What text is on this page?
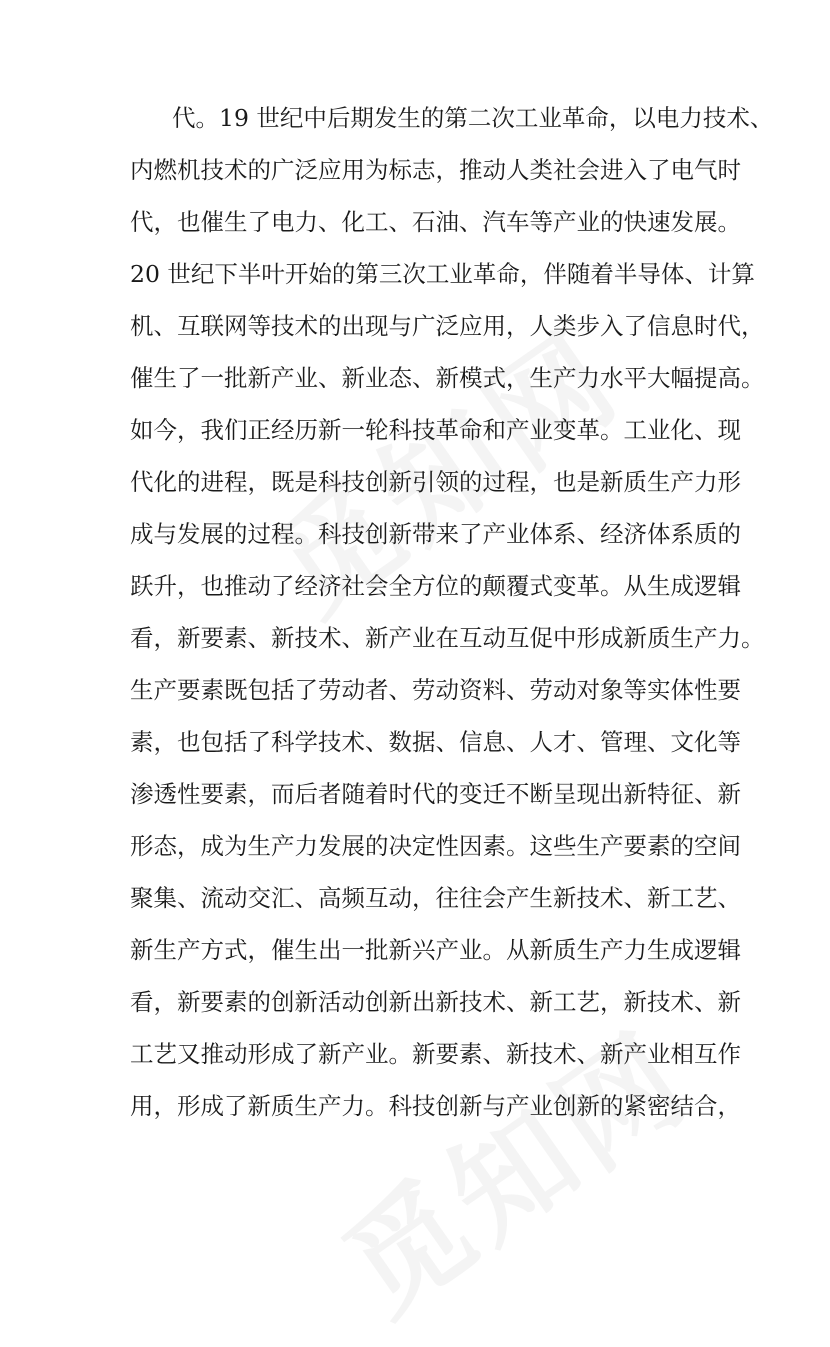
代。19 世纪中后期发生的第二次工业革命，以电力技术、
内燃机技术的广泛应用为标志，推动人类社会进入了电气时
代，也催生了电力、化工、石油、汽车等产业的快速发展。
20 世纪下半叶开始的第三次工业革命，伴随着半导体、计算
机、互联网等技术的出现与广泛应用，人类步入了信息时代，
催生了一批新产业、新业态、新模式，生产力水平大幅提高。
如今，我们正经历新一轮科技革命和产业变革。工业化、现
代化的进程，既是科技创新引领的过程，也是新质生产力形
成与发展的过程。科技创新带来了产业体系、经济体系质的
跃升，也推动了经济社会全方位的颠覆式变革。从生成逻辑
看，新要素、新技术、新产业在互动互促中形成新质生产力。
生产要素既包括了劳动者、劳动资料、劳动对象等实体性要
素，也包括了科学技术、数据、信息、人才、管理、文化等
渗透性要素，而后者随着时代的变迁不断呈现出新特征、新
形态，成为生产力发展的决定性因素。这些生产要素的空间
聚集、流动交汇、高频互动，往往会产生新技术、新工艺、
新生产方式，催生出一批新兴产业。从新质生产力生成逻辑
看，新要素的创新活动创新出新技术、新工艺，新技术、新
工艺又推动形成了新产业。新要素、新技术、新产业相互作
用，形成了新质生产力。科技创新与产业创新的紧密结合，
